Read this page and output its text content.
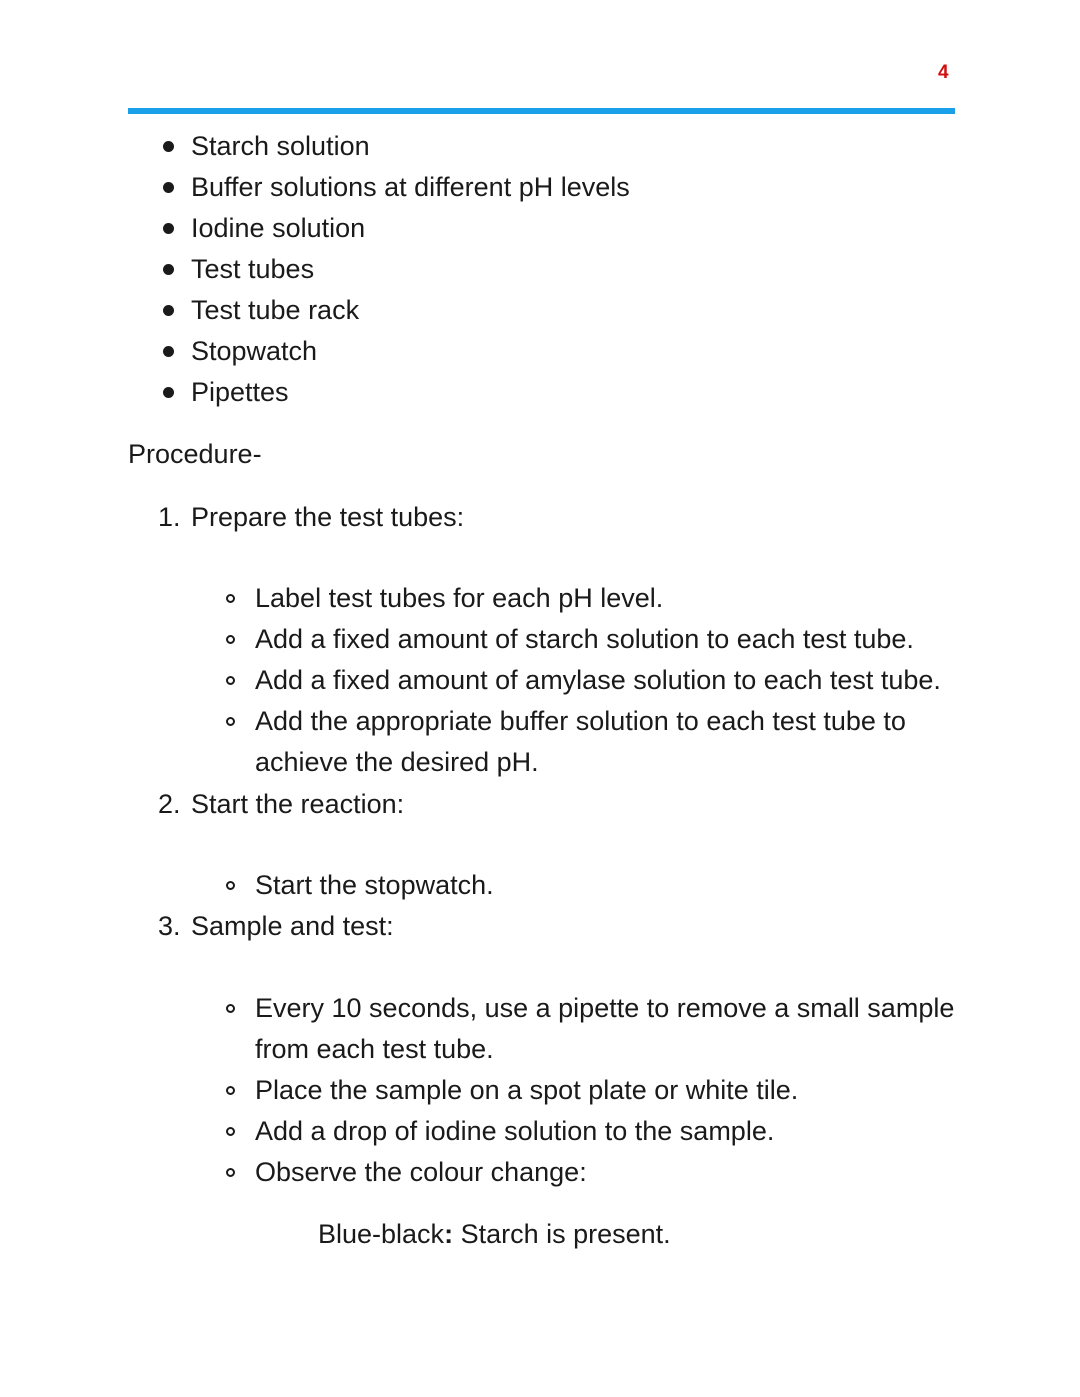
4
Starch solution
Buffer solutions at different pH levels
Iodine solution
Test tubes
Test tube rack
Stopwatch
Pipettes
Procedure-
1. Prepare the test tubes:
Label test tubes for each pH level.
Add a fixed amount of starch solution to each test tube.
Add a fixed amount of amylase solution to each test tube.
Add the appropriate buffer solution to each test tube to
achieve the desired pH.
2. Start the reaction:
Start the stopwatch.
3. Sample and test:
Every 10 seconds, use a pipette to remove a small sample
from each test tube.
Place the sample on a spot plate or white tile.
Add a drop of iodine solution to the sample.
Observe the colour change:
Blue-black: Starch is present.
